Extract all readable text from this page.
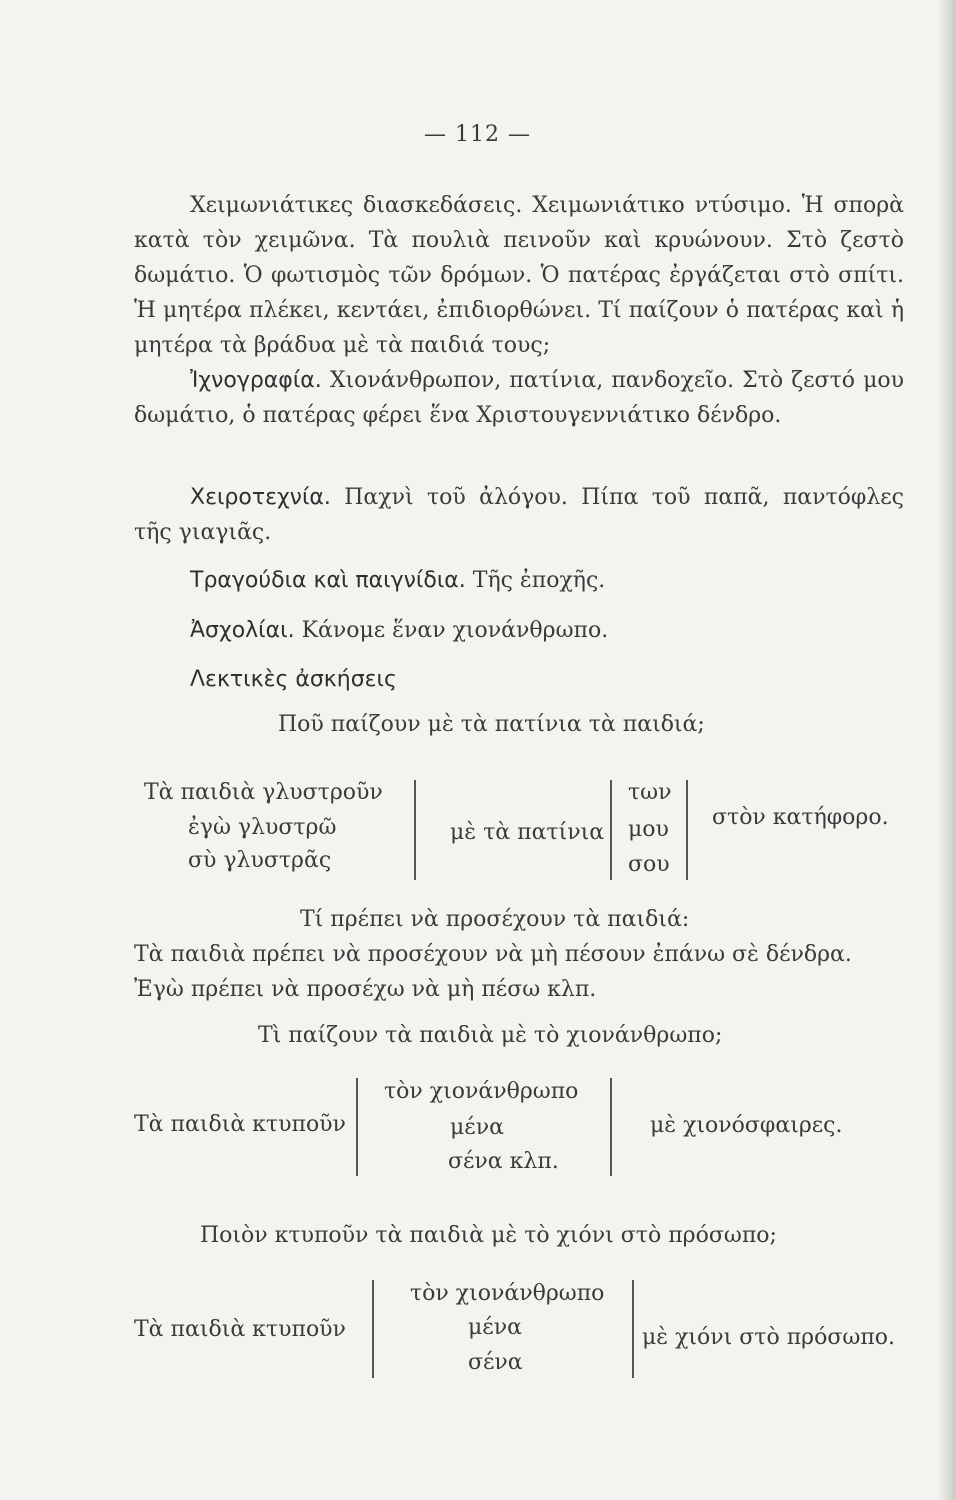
— 112 —
Χειμωνιάτικες διασκεδάσεις. Χειμωνιάτικο ντύσιμο. Ἡ σπορὰ κατὰ τὸν χειμῶνα. Τὰ πουλιὰ πεινοῦν καὶ κρυώνουν. Στὸ ζεστὸ δωμάτιο. Ὁ φωτισμὸς τῶν δρόμων. Ὁ πατέρας ἐργάζεται στὸ σπίτι. Ἡ μητέρα πλέκει, κεντάει, ἐπιδιορθώνει. Τί παίζουν ὁ πατέρας καὶ ἡ μητέρα τὰ βράδυα μὲ τὰ παιδιά τους;
Ἰχνογραφία. Χιονάνθρωπον, πατίνια, πανδοχεῖο. Στὸ ζεστό μου δωμάτιο, ὁ πατέρας φέρει ἕνα Χριστουγεννιάτικο δένδρο.
Χειροτεχνία. Παχνὶ τοῦ ἀλόγου. Πίπα τοῦ παπᾶ, παντόφλες τῆς γιαγιᾶς.
Τραγούδια καὶ παιγνίδια. Τῆς ἐποχῆς.
Ἀσχολίαι. Κάνομε ἕναν χιονάνθρωπο.
Λεκτικὲς ἀσκήσεις
Ποῦ παίζουν μὲ τὰ πατίνια τὰ παιδιά;
Τὰ παιδιὰ γλυστροῦν
ἐγὼ γλυστρῶ
σὺ γλυστρᾶς
μὲ τὰ πατίνια
των
μου
σου
στὸν κατήφορο.
Τί πρέπει νὰ προσέχουν τὰ παιδιά:
Τὰ παιδιὰ πρέπει νὰ προσέχουν νὰ μὴ πέσουν ἐπάνω σὲ δένδρα.
Ἐγὼ πρέπει νὰ προσέχω νὰ μὴ πέσω κλπ.
Τὶ παίζουν τὰ παιδιὰ μὲ τὸ χιονάνθρωπο;
Τὰ παιδιὰ κτυποῦν
τὸν χιονάνθρωπο
μένα
σένα κλπ.
μὲ χιονόσφαιρες.
Ποιὸν κτυποῦν τὰ παιδιὰ μὲ τὸ χιόνι στὸ πρόσωπο;
Τὰ παιδιὰ κτυποῦν
τὸν χιονάνθρωπο
μένα
σένα
μὲ χιόνι στὸ πρόσωπο.
